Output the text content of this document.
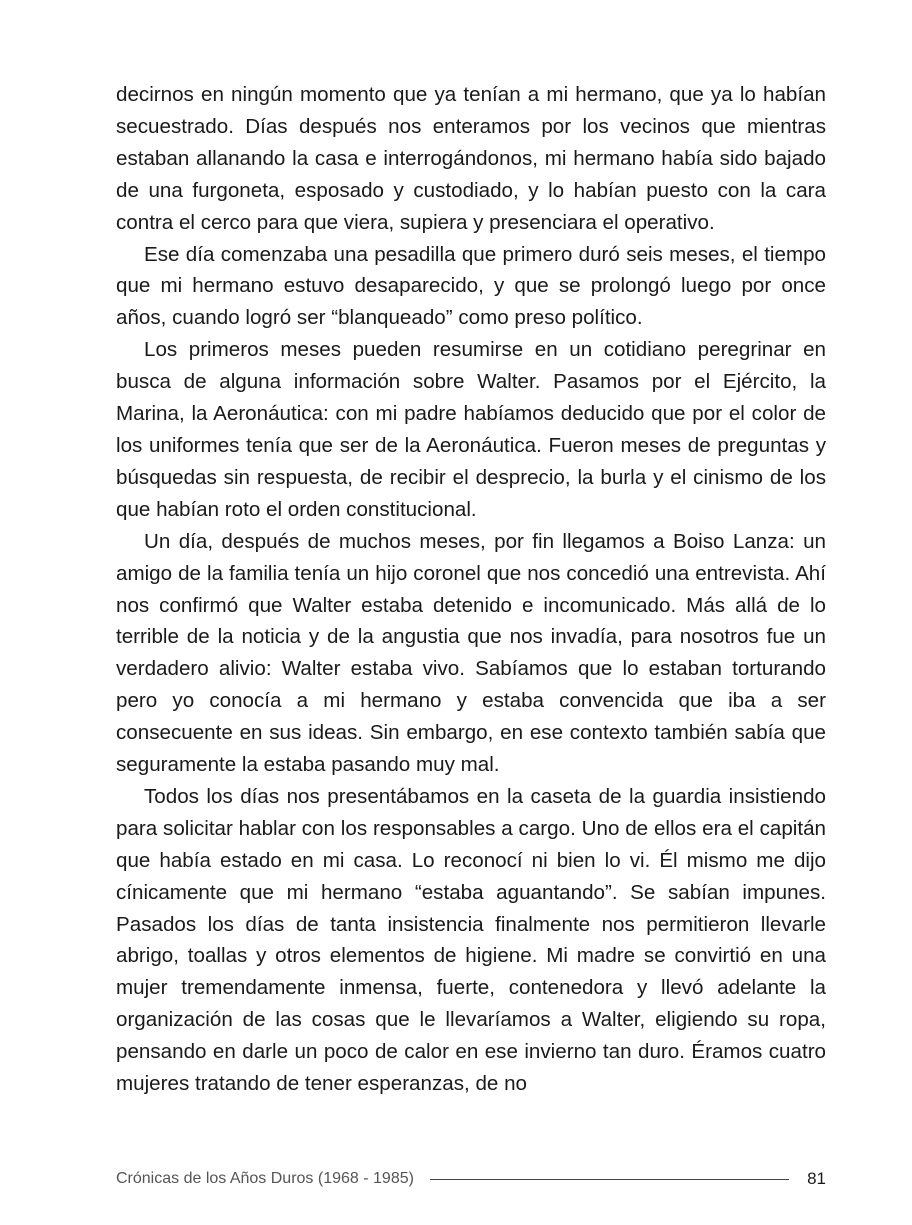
decirnos en ningún momento que ya tenían a mi hermano, que ya lo habían secuestrado. Días después nos enteramos por los vecinos que mientras estaban allanando la casa e interrogándonos, mi hermano había sido bajado de una furgoneta, esposado y custodiado, y lo habían puesto con la cara contra el cerco para que viera, supiera y presenciara el operativo.

Ese día comenzaba una pesadilla que primero duró seis meses, el tiempo que mi hermano estuvo desaparecido, y que se prolongó luego por once años, cuando logró ser “blanqueado” como preso político.

Los primeros meses pueden resumirse en un cotidiano peregrinar en busca de alguna información sobre Walter. Pasamos por el Ejército, la Marina, la Aeronáutica: con mi padre habíamos deducido que por el color de los uniformes tenía que ser de la Aeronáutica. Fueron meses de preguntas y búsquedas sin respuesta, de recibir el desprecio, la burla y el cinismo de los que habían roto el orden constitucional.

Un día, después de muchos meses, por fin llegamos a Boiso Lanza: un amigo de la familia tenía un hijo coronel que nos concedió una entrevista. Ahí nos confirmó que Walter estaba detenido e incomunicado. Más allá de lo terrible de la noticia y de la angustia que nos invadía, para nosotros fue un verdadero alivio: Walter estaba vivo. Sabíamos que lo estaban torturando pero yo conocía a mi hermano y estaba convencida que iba a ser consecuente en sus ideas. Sin embargo, en ese contexto también sabía que seguramente la estaba pasando muy mal.

Todos los días nos presentábamos en la caseta de la guardia insistiendo para solicitar hablar con los responsables a cargo. Uno de ellos era el capitán que había estado en mi casa. Lo reconocí ni bien lo vi. Él mismo me dijo cínicamente que mi hermano “estaba aguantando”. Se sabían impunes. Pasados los días de tanta insistencia finalmente nos permitieron llevarle abrigo, toallas y otros elementos de higiene. Mi madre se convirtió en una mujer tremendamente inmensa, fuerte, contenedora y llevó adelante la organización de las cosas que le llevaríamos a Walter, eligiendo su ropa, pensando en darle un poco de calor en ese invierno tan duro. Éramos cuatro mujeres tratando de tener esperanzas, de no

Crónicas de los Años Duros (1968 - 1985)	81
